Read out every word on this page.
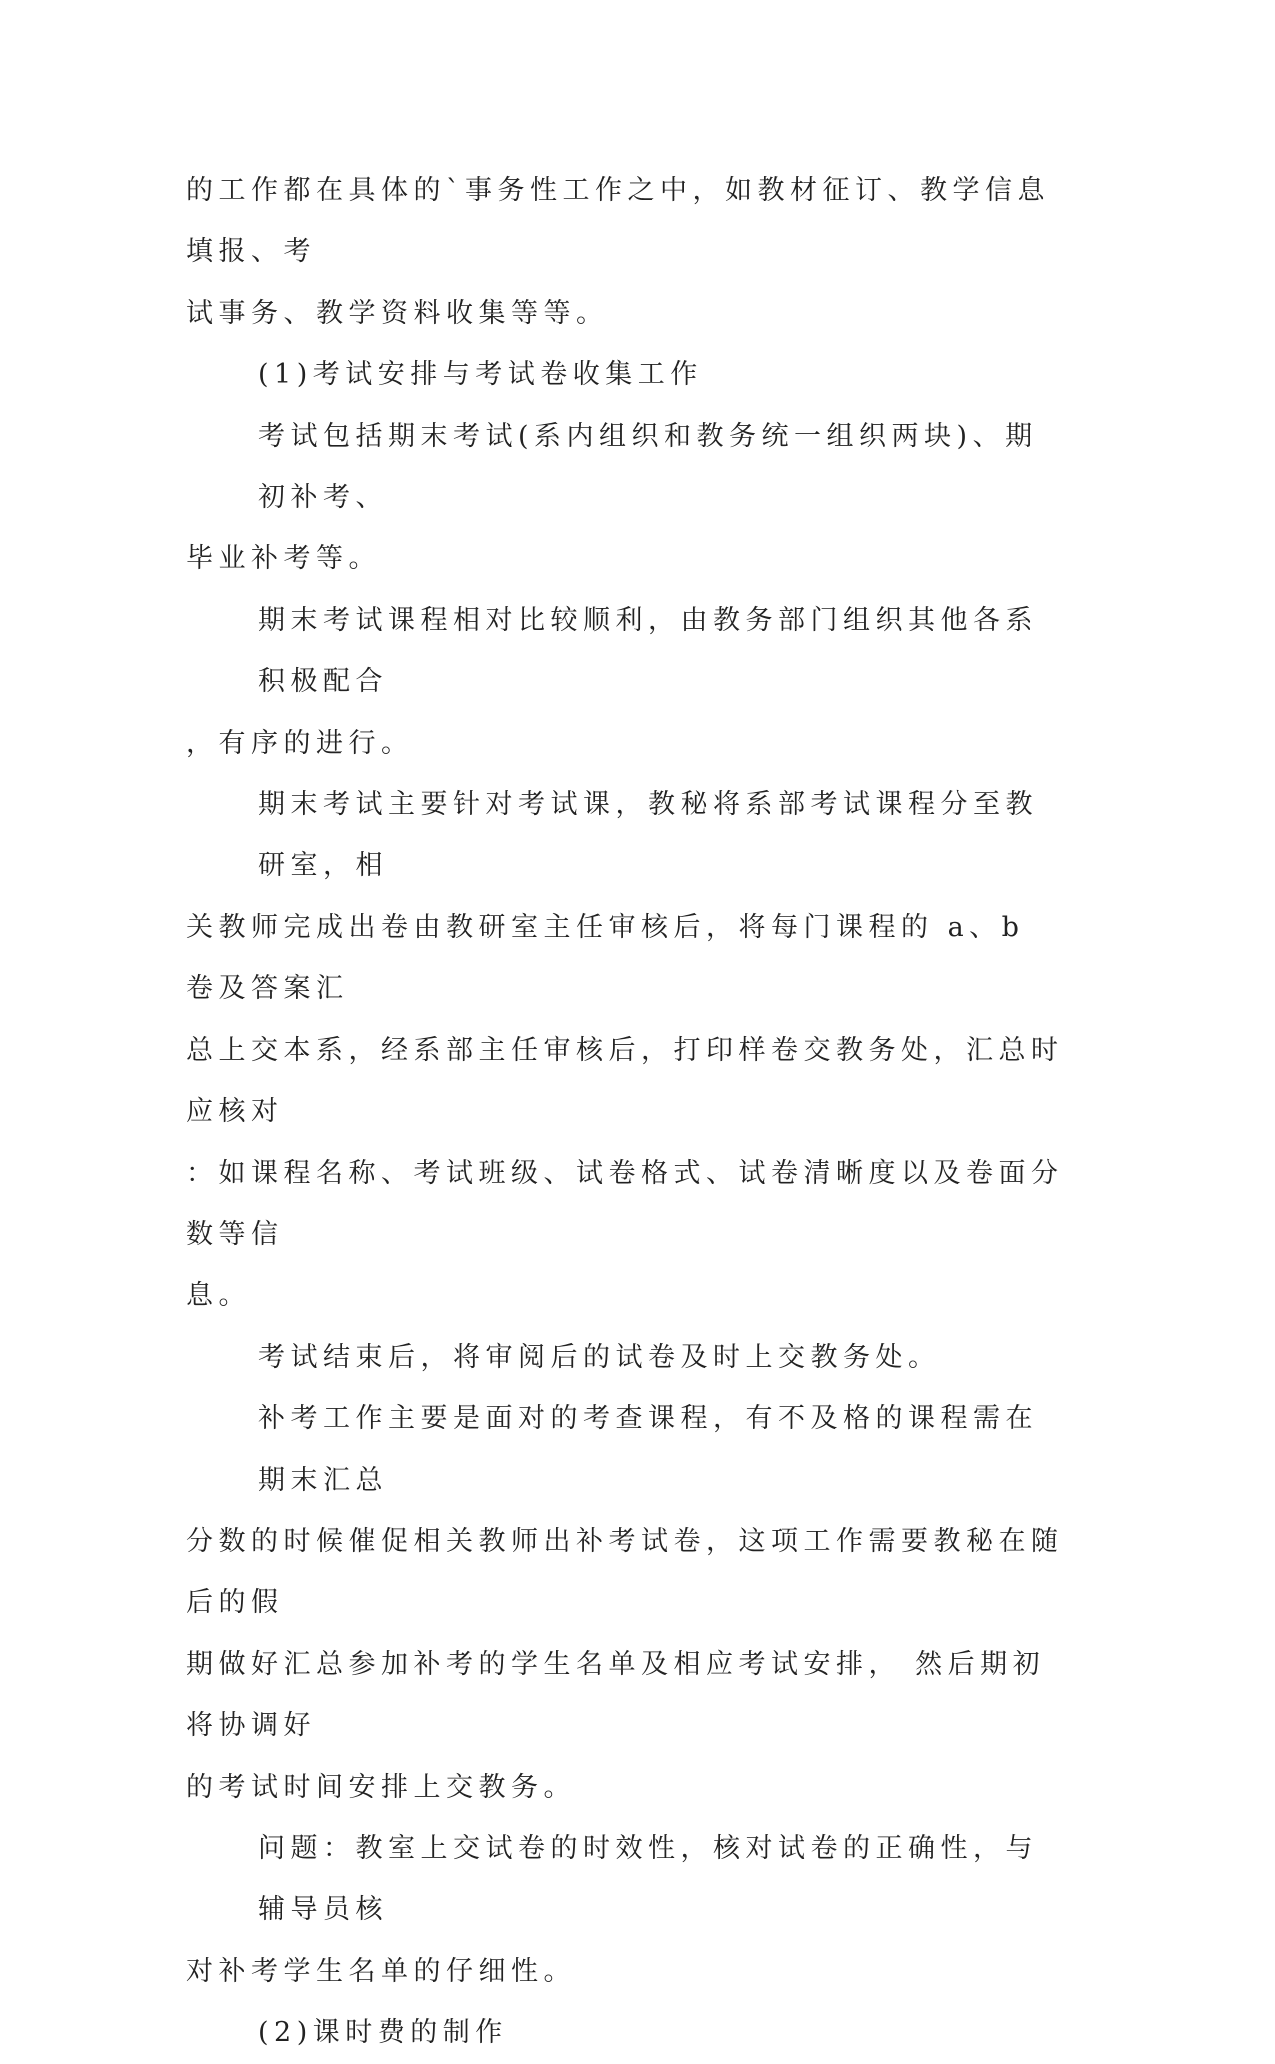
的工作都在具体的`事务性工作之中，如教材征订、教学信息填报、考
试事务、教学资料收集等等。
(1)考试安排与考试卷收集工作
考试包括期末考试(系内组织和教务统一组织两块)、期初补考、
毕业补考等。
期末考试课程相对比较顺利，由教务部门组织其他各系积极配合
，有序的进行。
期末考试主要针对考试课，教秘将系部考试课程分至教研室，相
关教师完成出卷由教研室主任审核后，将每门课程的 a、b 卷及答案汇
总上交本系，经系部主任审核后，打印样卷交教务处，汇总时应核对
：如课程名称、考试班级、试卷格式、试卷清晰度以及卷面分数等信
息。
考试结束后，将审阅后的试卷及时上交教务处。
补考工作主要是面对的考查课程，有不及格的课程需在期末汇总
分数的时候催促相关教师出补考试卷，这项工作需要教秘在随后的假
期做好汇总参加补考的学生名单及相应考试安排， 然后期初将协调好
的考试时间安排上交教务。
问题：教室上交试卷的时效性，核对试卷的正确性，与辅导员核
对补考学生名单的仔细性。
(2)课时费的制作
